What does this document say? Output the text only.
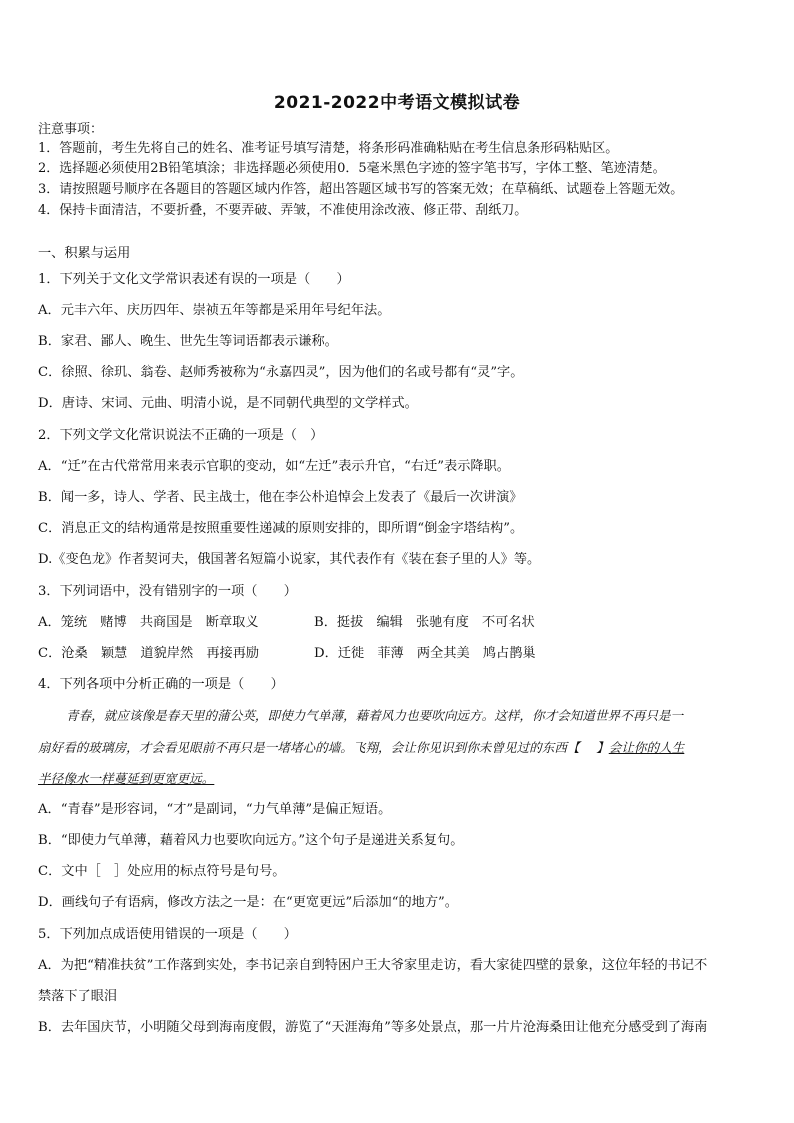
2021-2022中考语文模拟试卷
注意事项：
1．答题前，考生先将自己的姓名、准考证号填写清楚，将条形码准确粘贴在考生信息条形码粘贴区。
2．选择题必须使用2B铅笔填涂；非选择题必须使用0．5毫米黑色字迹的签字笔书写，字体工整、笔迹清楚。
3．请按照题号顺序在各题目的答题区域内作答，超出答题区域书写的答案无效；在草稿纸、试题卷上答题无效。
4．保持卡面清洁，不要折叠，不要弄破、弄皱，不准使用涂改液、修正带、刮纸刀。
一、积累与运用
1．下列关于文化文学常识表述有误的一项是（　　）
A．元丰六年、庆历四年、崇祯五年等都是采用年号纪年法。
B．家君、鄙人、晚生、世先生等词语都表示谦称。
C．徐照、徐玑、翁卷、赵师秀被称为“永嘉四灵”，因为他们的名或号都有“灵”字。
D．唐诗、宋词、元曲、明清小说，是不同朝代典型的文学样式。
2．下列文学文化常识说法不正确的一项是（　）
A．“迁”在古代常常用来表示官职的变动，如“左迁”表示升官，“右迁”表示降职。
B．闻一多，诗人、学者、民主战士，他在李公朴追悼会上发表了《最后一次讲演》
C．消息正文的结构通常是按照重要性递减的原则安排的，即所谓“倒金字塔结构”。
D.《变色龙》作者契诃夫，俄国著名短篇小说家，其代表作有《装在套子里的人》等。
3．下列词语中，没有错别字的一项（　　）
A．笼统　赌博　共商国是　断章取义	B．挺拔　编辑　张驰有度　不可名状
C．沧桑　颖慧　道貌岸然　再接再励	D．迁徙　菲薄　两全其美　鸠占鹊巢
4．下列各项中分析正确的一项是（　　）
青春，就应该像是春天里的蒲公英，即使力气单薄，藉着风力也要吹向远方。这样，你才会知道世界不再只是一
扇好看的玻璃房，才会看见眼前不再只是一堵堵心的墙。飞翔，会让你见识到你未曾见过的东西【　 】会让你的人生
半径像水一样蔓延到更宽更远。
A．“青春”是形容词，“才”是副词，“力气单薄”是偏正短语。
B．“即使力气单薄，藉着风力也要吹向远方。”这个句子是递进关系复句。
C．文中［　］处应用的标点符号是句号。
D．画线句子有语病，修改方法之一是：在“更宽更远”后添加“的地方”。
5．下列加点成语使用错误的一项是（　　）
A．为把“精准扶贫”工作落到实处，李书记亲自到特困户王大爷家里走访，看大家徒四壁的景象，这位年轻的书记不
禁落下了眼泪
B．去年国庆节，小明随父母到海南度假，游览了“天涯海角”等多处景点，那一片片沧海桑田让他充分感受到了海南
